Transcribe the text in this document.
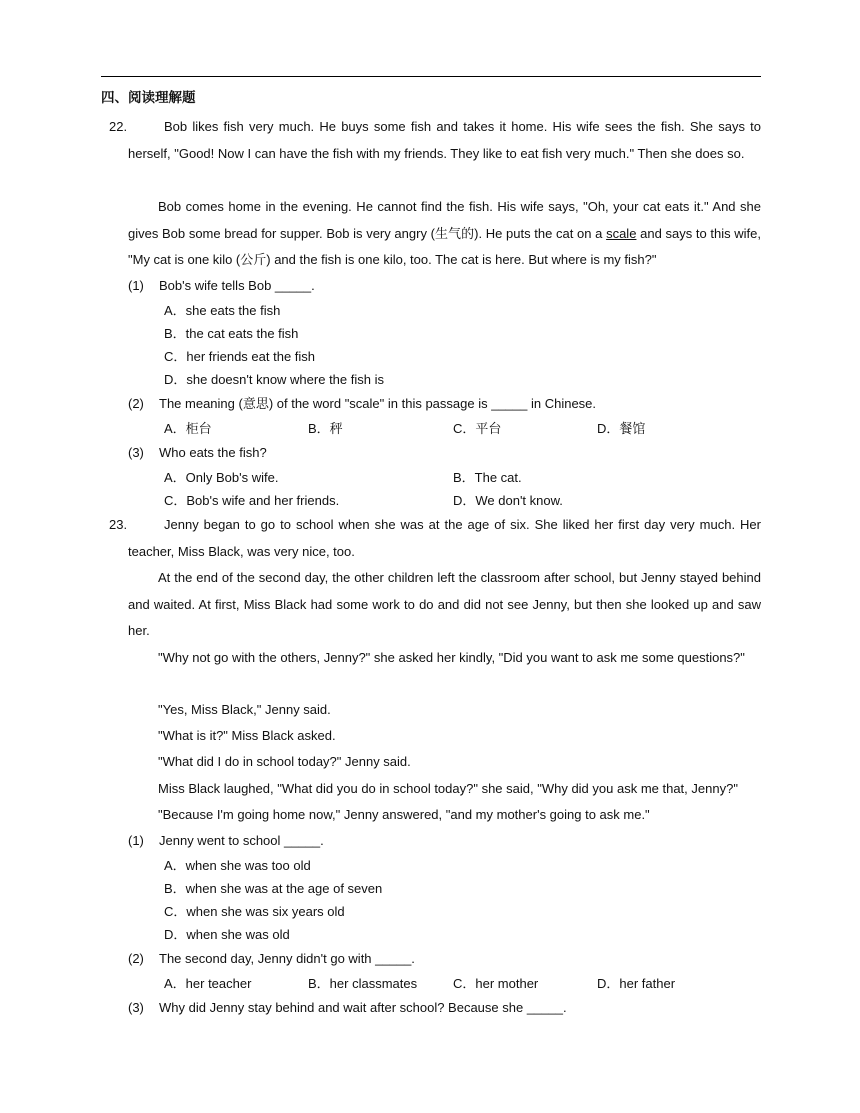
四、阅读理解题
22.	Bob likes fish very much. He buys some fish and takes it home. His wife sees the fish. She says to herself, "Good! Now I can have the fish with my friends. They like to eat fish very much." Then she does so.
Bob comes home in the evening. He cannot find the fish. His wife says, "Oh, your cat eats it." And she gives Bob some bread for supper. Bob is very angry (生气的). He puts the cat on a scale and says to this wife, "My cat is one kilo (公斤) and the fish is one kilo, too. The cat is here. But where is my fish?"
(1) Bob's wife tells Bob _____.
A．she eats the fish
B．the cat eats the fish
C．her friends eat the fish
D．she doesn't know where the fish is
(2) The meaning (意思) of the word "scale" in this passage is _____ in Chinese.
A．柜台	B．秤	C．平台	D．餐馆
(3) Who eats the fish?
A．Only Bob's wife.	B．The cat.
C．Bob's wife and her friends.	D．We don't know.
23.	Jenny began to go to school when she was at the age of six. She liked her first day very much. Her teacher, Miss Black, was very nice, too.
At the end of the second day, the other children left the classroom after school, but Jenny stayed behind and waited. At first, Miss Black had some work to do and did not see Jenny, but then she looked up and saw her.
"Why not go with the others, Jenny?" she asked her kindly, "Did you want to ask me some questions?"
"Yes, Miss Black," Jenny said.
"What is it?" Miss Black asked.
"What did I do in school today?" Jenny said.
Miss Black laughed, "What did you do in school today?" she said, "Why did you ask me that, Jenny?"
"Because I'm going home now," Jenny answered, "and my mother's going to ask me."
(1) Jenny went to school _____.
A．when she was too old
B．when she was at the age of seven
C．when she was six years old
D．when she was old
(2) The second day, Jenny didn't go with _____.
A．her teacher	B．her classmates	C．her mother	D．her father
(3) Why did Jenny stay behind and wait after school? Because she _____.
